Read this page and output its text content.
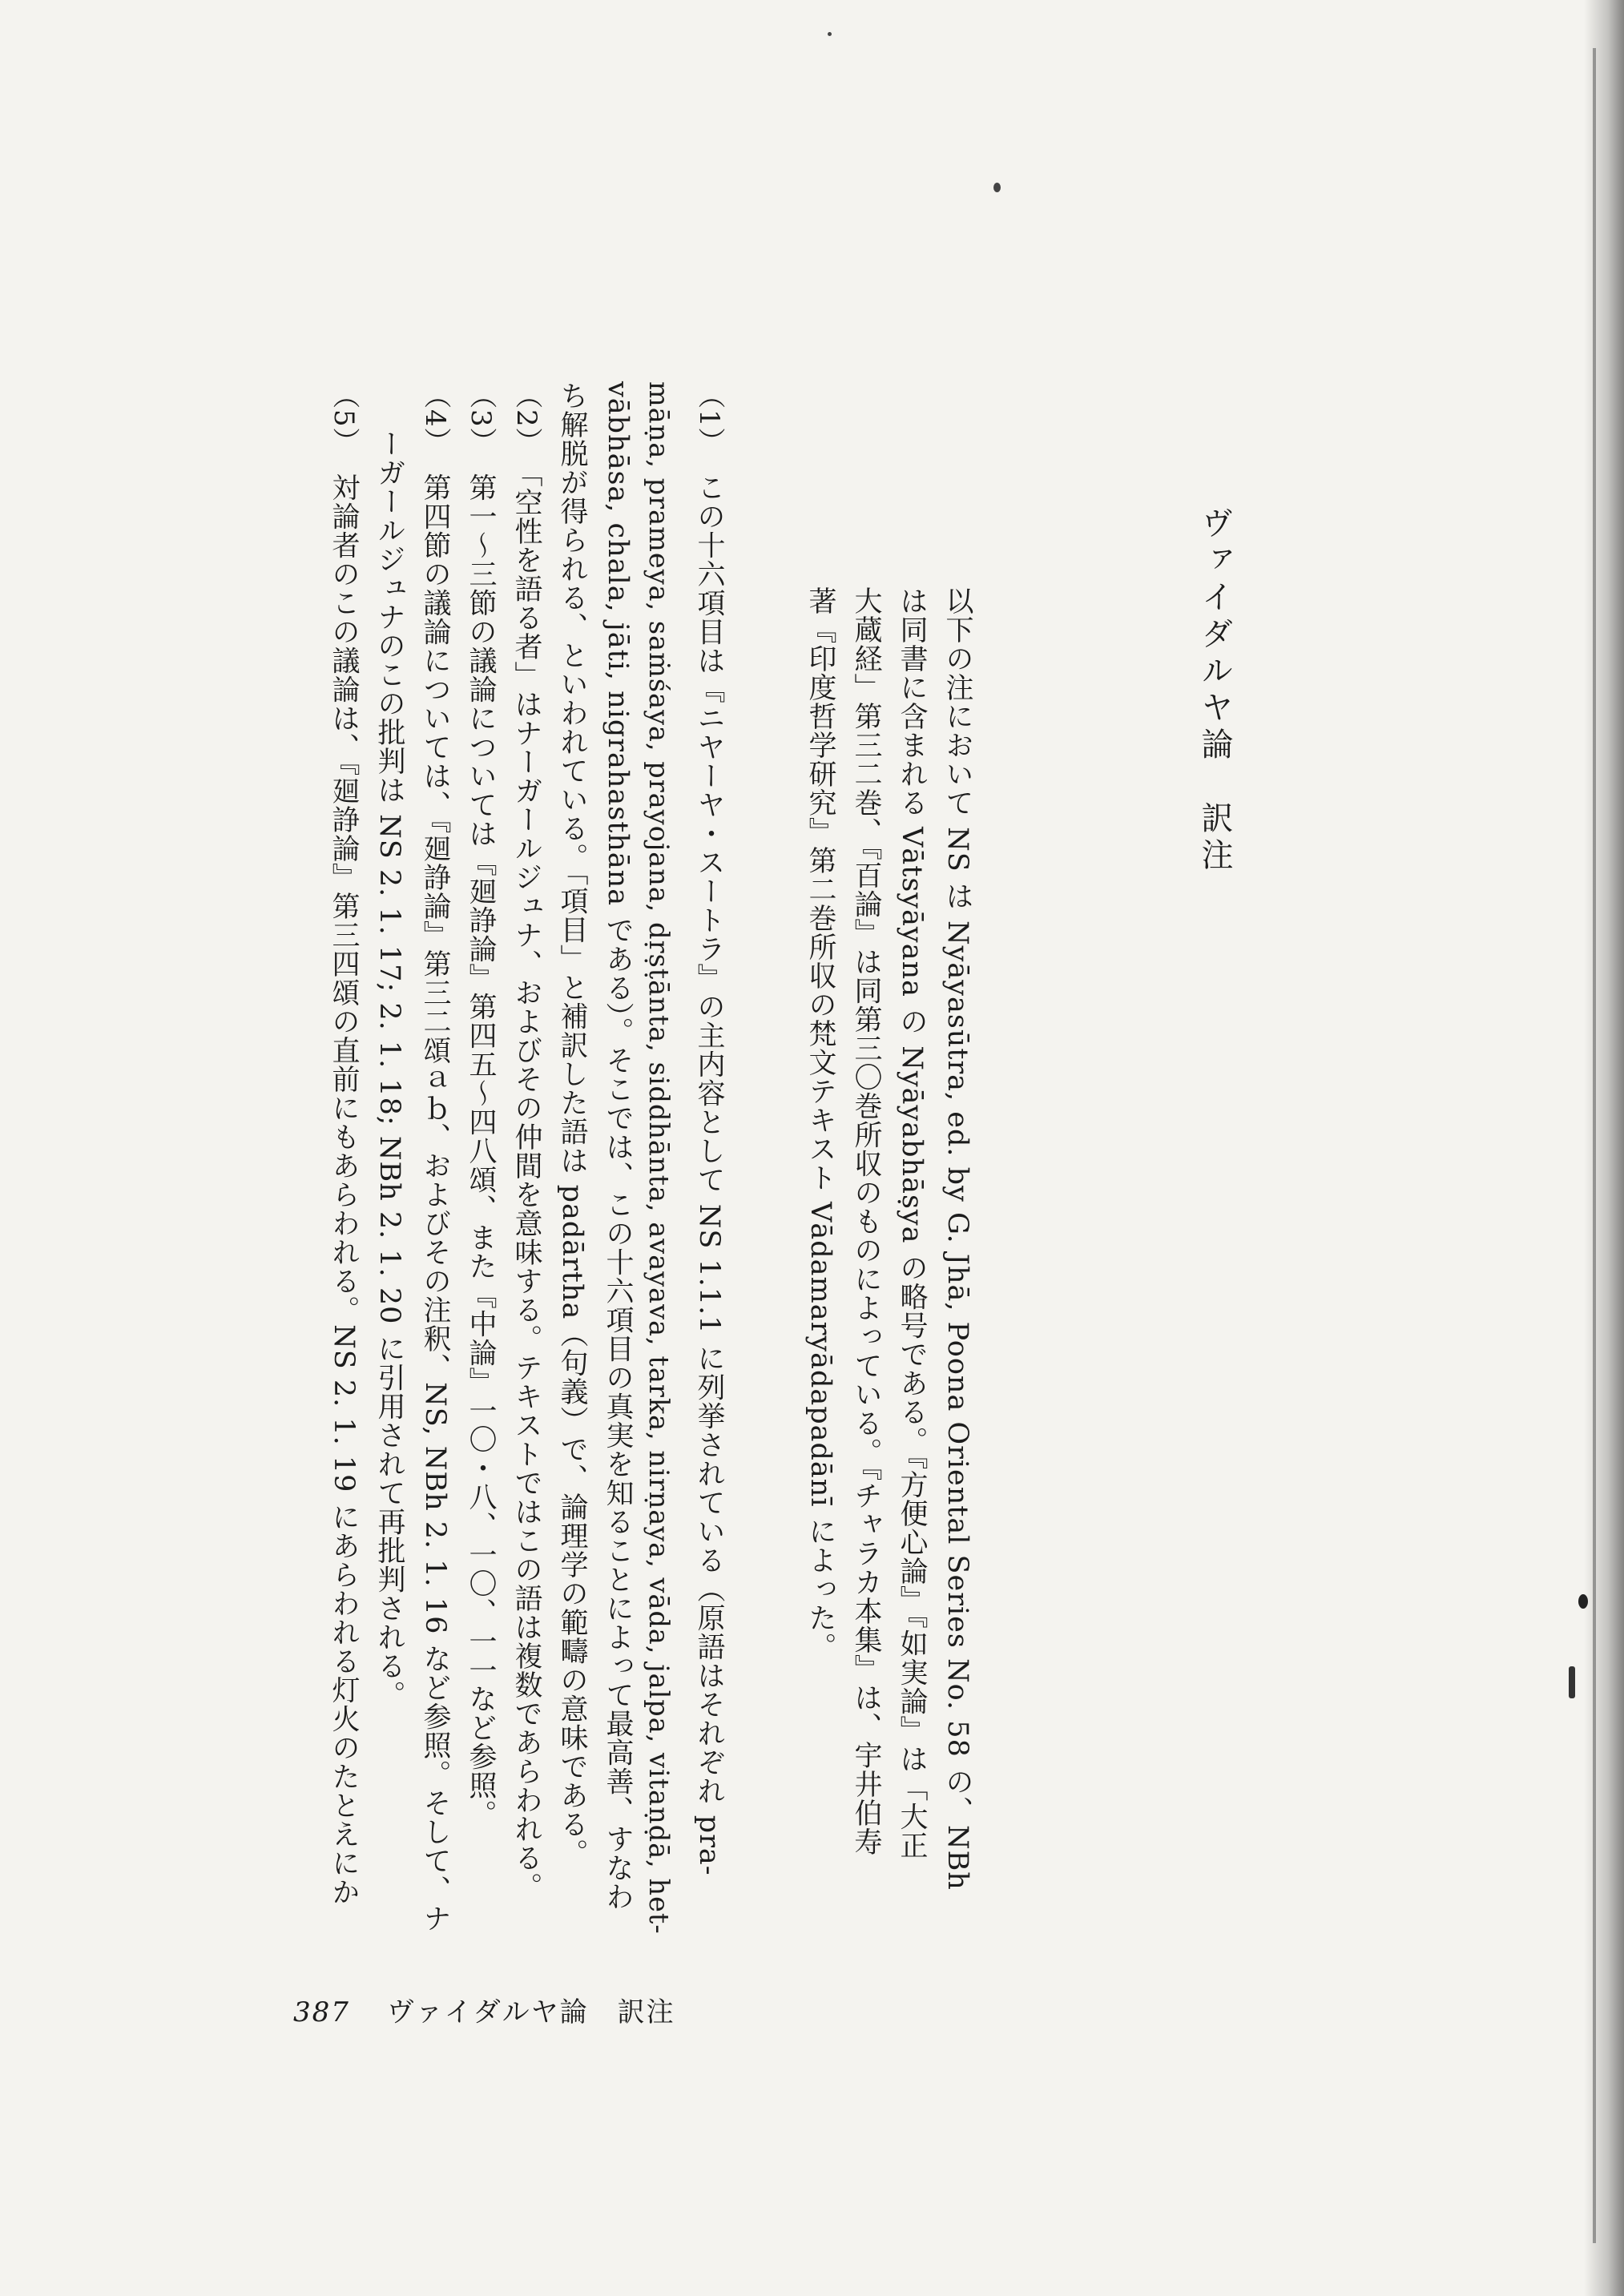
ヴァイダルヤ論　訳注
以下の注において NS は Nyāyasūtra, ed. by G. Jhā, Poona Oriental Series No. 58 の、NBh
は同書に含まれる Vātsyāyana の Nyāyabhāṣya の略号である。『方便心論』『如実論』は「大正
大蔵経」第三二巻、『百論』は同第三〇巻所収のものによっている。『チャラカ本集』は、宇井伯寿
著『印度哲学研究』第二巻所収の梵文テキスト Vādamaryādapadānī によった。
（1）この十六項目は『ニヤーヤ・スートラ』の主内容として NS 1.1.1 に列挙されている（原語はそれぞれ pra-
māṇa, prameya, saṁśaya, prayojana, dṛṣṭānta, siddhānta, avayava, tarka, nirṇaya, vāda, jalpa, vitaṇḍā, het-
vābhāsa, chala, jāti, nigrahasthāna である）。そこでは、この十六項目の真実を知ることによって最高善、すなわ
ち解脱が得られる、といわれている。「項目」と補訳した語は padārtha（句義）で、論理学の範疇の意味である。
（2）「空性を語る者」はナーガールジュナ、およびその仲間を意味する。テキストではこの語は複数であらわれる。
（3）第一～三節の議論については『廻諍論』第四五～四八頌、また『中論』一〇・八、一〇、一一など参照。
（4）第四節の議論については、『廻諍論』第三二頌ａｂ、およびその注釈、NS, NBh 2. 1. 16 など参照。そして、ナ
ーガールジュナのこの批判は NS 2. 1. 17; 2. 1. 18; NBh 2. 1. 20 に引用されて再批判される。
（5）対論者のこの議論は、『廻諍論』第三四頌の直前にもあらわれる。NS 2. 1. 19 にあらわれる灯火のたとえにか
387 ヴァイダルヤ論　訳注
